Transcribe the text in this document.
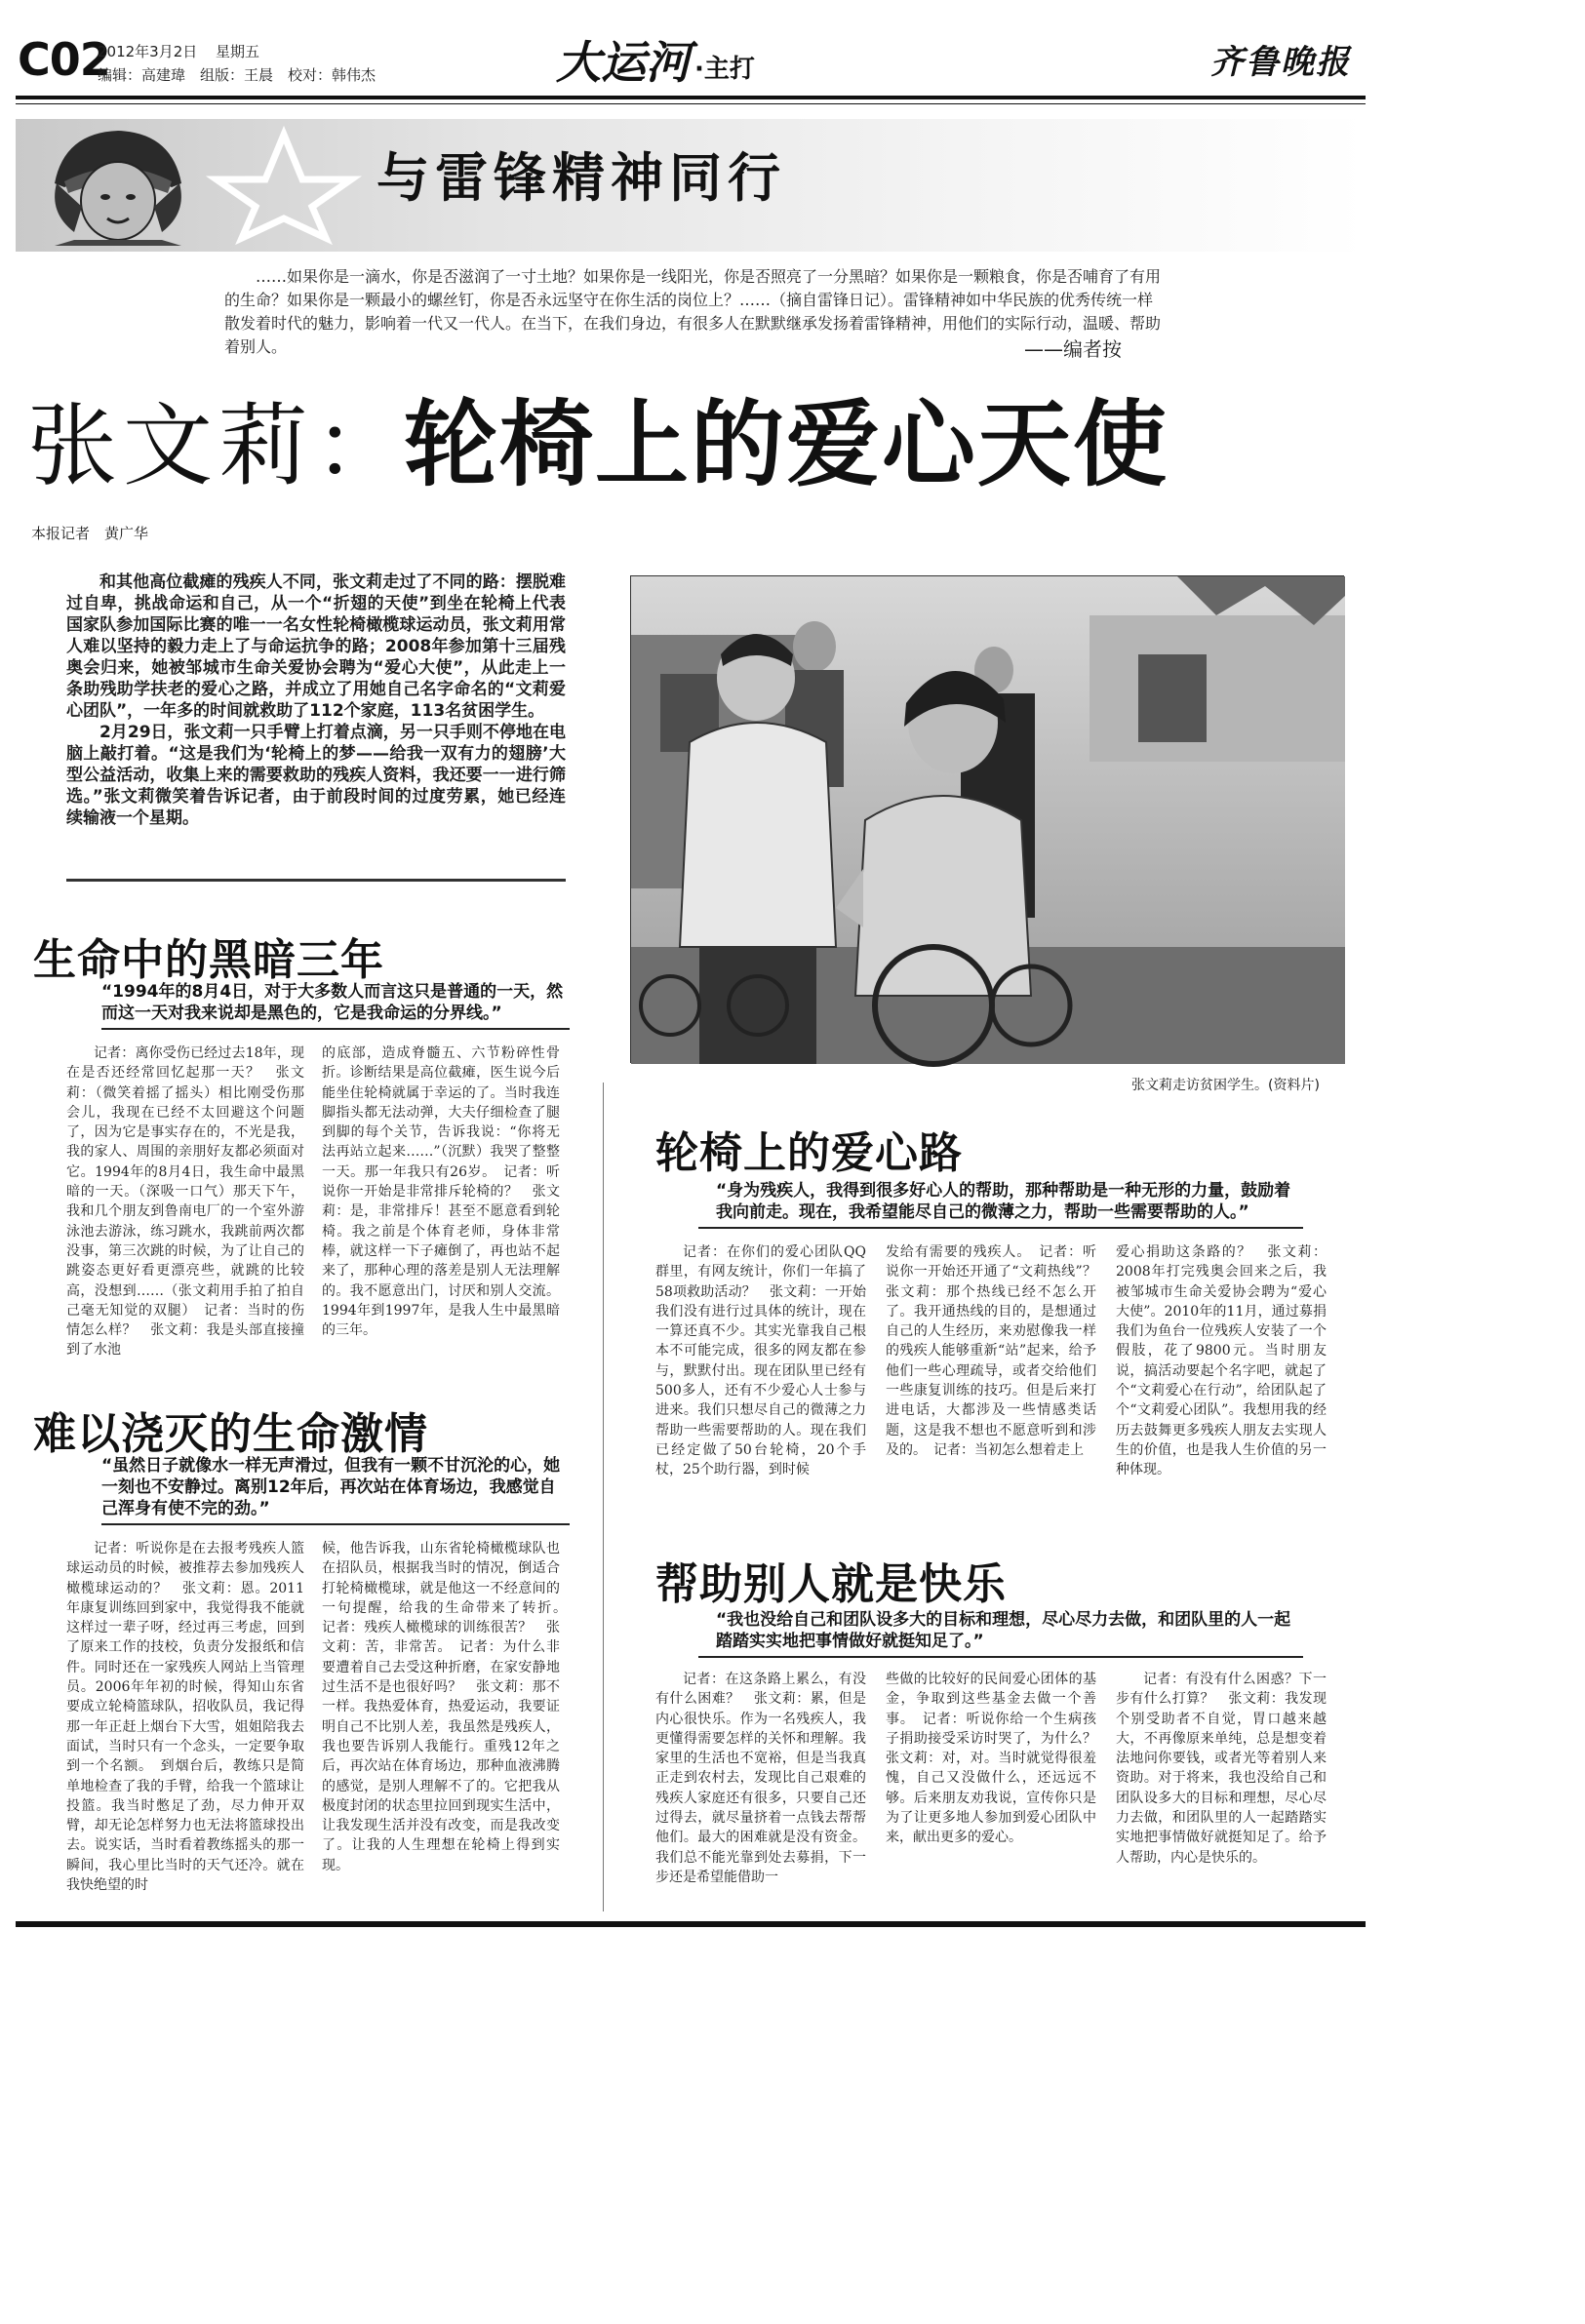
C02
2012年3月2日 星期五
编辑：高建瑋　组版：王晨　校对：韩伟杰	大运河 ·主打	齐鲁晚报
与雷锋精神同行
……如果你是一滴水，你是否滋润了一寸土地？如果你是一线阳光，你是否照亮了一分黑暗？如果你是一颗粮食，你是否哺育了有用的生命？如果你是一颗最小的螺丝钉，你是否永远坚守在你生活的岗位上？……（摘自雷锋日记）。雷锋精神如中华民族的优秀传统一样散发着时代的魅力，影响着一代又一代人。在当下，在我们身边，有很多人在默默继承发扬着雷锋精神，用他们的实际行动，温暖、帮助着别人。	——编者按
张文莉：轮椅上的爱心天使
本报记者　黄广华

和其他高位截瘫的残疾人不同，张文莉走过了不同的路：摆脱难过自卑，挑战命运和自己，从一个“折翅的天使”到坐在轮椅上代表国家队参加国际比赛的唯一一名女性轮椅橄榄球运动员，张文莉用常人难以坚持的毅力走上了与命运抗争的路；2008年参加第十三届残奥会归来，她被邹城市生命关爱协会聘为“爱心大使”，从此走上一条助残助学扶老的爱心之路，并成立了用她自己名字命名的“文莉爱心团队”，一年多的时间就救助了112个家庭，113名贫困学生。

2月29日，张文莉一只手臂上打着点滴，另一只手则不停地在电脑上敲打着。“这是我们为‘轮椅上的梦——给我一双有力的翅膀’大型公益活动，收集上来的需要救助的残疾人资料，我还要一一进行筛选。”张文莉微笑着告诉记者，由于前段时间的过度劳累，她已经连续输液一个星期。

张文莉走访贫困学生。(资料片)
生命中的黑暗三年
“1994年的8月4日，对于大多数人而言这只是普通的一天，然而这一天对我来说却是黑色的，它是我命运的分界线。”

记者：离你受伤已经过去18年，现在是否还经常回忆起那一天？　张文莉：（微笑着摇了摇头）相比刚受伤那会儿，我现在已经不太回避这个问题了，因为它是事实存在的，不光是我，我的家人、周围的亲朋好友都必须面对它。1994年的8月4日，我生命中最黑暗的一天。（深吸一口气）那天下午，我和几个朋友到鲁南电厂的一个室外游泳池去游泳，练习跳水，我跳前两次都没事，第三次跳的时候，为了让自己的跳姿态更好看更漂亮些，就跳的比较高，没想到……（张文莉用手拍了拍自己毫无知觉的双腿）　记者：当时的伤情怎么样？　张文莉：我是头部直接撞到了水池

的底部，造成脊髓五、六节粉碎性骨折。诊断结果是高位截瘫，医生说今后能坐住轮椅就属于幸运的了。当时我连脚指头都无法动弹，大夫仔细检查了腿到脚的每个关节，告诉我说：“你将无法再站立起来……”（沉默）我哭了整整一天。那一年我只有26岁。　记者：听说你一开始是非常排斥轮椅的？　张文莉：是，非常排斥！甚至不愿意看到轮椅。我之前是个体育老师，身体非常棒，就这样一下子瘫倒了，再也站不起来了，那种心理的落差是别人无法理解的。我不愿意出门，讨厌和别人交流。1994年到1997年，是我人生中最黑暗的三年。

难以浇灭的生命激情
“虽然日子就像水一样无声滑过，但我有一颗不甘沉沦的心，她一刻也不安静过。离别12年后，再次站在体育场边，我感觉自己浑身有使不完的劲。”

记者：听说你是在去报考残疾人篮球运动员的时候，被推荐去参加残疾人橄榄球运动的？　张文莉：恩。2011年康复训练回到家中，我觉得我不能就这样过一辈子呀，经过再三考虑，回到了原来工作的技校，负责分发报纸和信件。同时还在一家残疾人网站上当管理员。2006年年初的时候，得知山东省要成立轮椅篮球队，招收队员，我记得那一年正赶上烟台下大雪，姐姐陪我去面试，当时只有一个念头，一定要争取到一个名额。　到烟台后，教练只是简单地检查了我的手臂，给我一个篮球让投篮。我当时憋足了劲，尽力伸开双臂，却无论怎样努力也无法将篮球投出去。说实话，当时看着教练摇头的那一瞬间，我心里比当时的天气还冷。就在我快绝望的时

候，他告诉我，山东省轮椅橄榄球队也在招队员，根据我当时的情况，倒适合打轮椅橄榄球，就是他这一不经意间的一句提醒，给我的生命带来了转折。　记者：残疾人橄榄球的训练很苦？　张文莉：苦，非常苦。　记者：为什么非要遭着自己去受这种折磨，在家安静地过生活不是也很好吗？　张文莉：那不一样。我热爱体育，热爱运动，我要证明自己不比别人差，我虽然是残疾人，我也要告诉别人我能行。重残12年之后，再次站在体育场边，那种血液沸腾的感觉，是别人理解不了的。它把我从极度封闭的状态里拉回到现实生活中，让我发现生活并没有改变，而是我改变了。让我的人生理想在轮椅上得到实现。

轮椅上的爱心路
“身为残疾人，我得到很多好心人的帮助，那种帮助是一种无形的力量，鼓励着我向前走。现在，我希望能尽自己的微薄之力，帮助一些需要帮助的人。”

记者：在你们的爱心团队QQ群里，有网友统计，你们一年搞了58项救助活动？　张文莉：一开始我们没有进行过具体的统计，现在一算还真不少。其实光靠我自己根本不可能完成，很多的网友都在参与，默默付出。现在团队里已经有500多人，还有不少爱心人士参与进来。我们只想尽自己的微薄之力帮助一些需要帮助的人。现在我们已经定做了50台轮椅，20个手杖，25个助行器，到时候

发给有需要的残疾人。　记者：听说你一开始还开通了“文莉热线”？　张文莉：那个热线已经不怎么开了。我开通热线的目的，是想通过自己的人生经历，来劝慰像我一样的残疾人能够重新“站”起来，给予他们一些心理疏导，或者交给他们一些康复训练的技巧。但是后来打进电话，大都涉及一些情感类话题，这是我不想也不愿意听到和涉及的。　记者：当初怎么想着走上

爱心捐助这条路的？　张文莉：2008年打完残奥会回来之后，我被邹城市生命关爱协会聘为“爱心大使”。2010年的11月，通过募捐我们为鱼台一位残疾人安装了一个假肢，花了9800元。当时朋友说，搞活动要起个名字吧，就起了个“文莉爱心在行动”，给团队起了个“文莉爱心团队”。我想用我的经历去鼓舞更多残疾人朋友去实现人生的价值，也是我人生价值的另一种体现。

帮助别人就是快乐
“我也没给自己和团队设多大的目标和理想，尽心尽力去做，和团队里的人一起踏踏实实地把事情做好就挺知足了。”

记者：在这条路上累么，有没有什么困难？　张文莉：累，但是内心很快乐。作为一名残疾人，我更懂得需要怎样的关怀和理解。我家里的生活也不宽裕，但是当我真正走到农村去，发现比自己艰难的残疾人家庭还有很多，只要自己还过得去，就尽量挤着一点钱去帮帮他们。最大的困难就是没有资金。我们总不能光靠到处去募捐，下一步还是希望能借助一

些做的比较好的民间爱心团体的基金，争取到这些基金去做一个善事。　记者：听说你给一个生病孩子捐助接受采访时哭了，为什么？　张文莉：对，对。当时就觉得很羞愧，自己又没做什么，还远远不够。后来朋友劝我说，宣传你只是为了让更多地人参加到爱心团队中来，献出更多的爱心。

记者：有没有什么困惑？下一步有什么打算？　张文莉：我发现个别受助者不自觉，胃口越来越大，不再像原来单纯，总是想变着法地问你要钱，或者光等着别人来资助。对于将来，我也没给自己和团队设多大的目标和理想，尽心尽力去做，和团队里的人一起踏踏实实地把事情做好就挺知足了。给予人帮助，内心是快乐的。
